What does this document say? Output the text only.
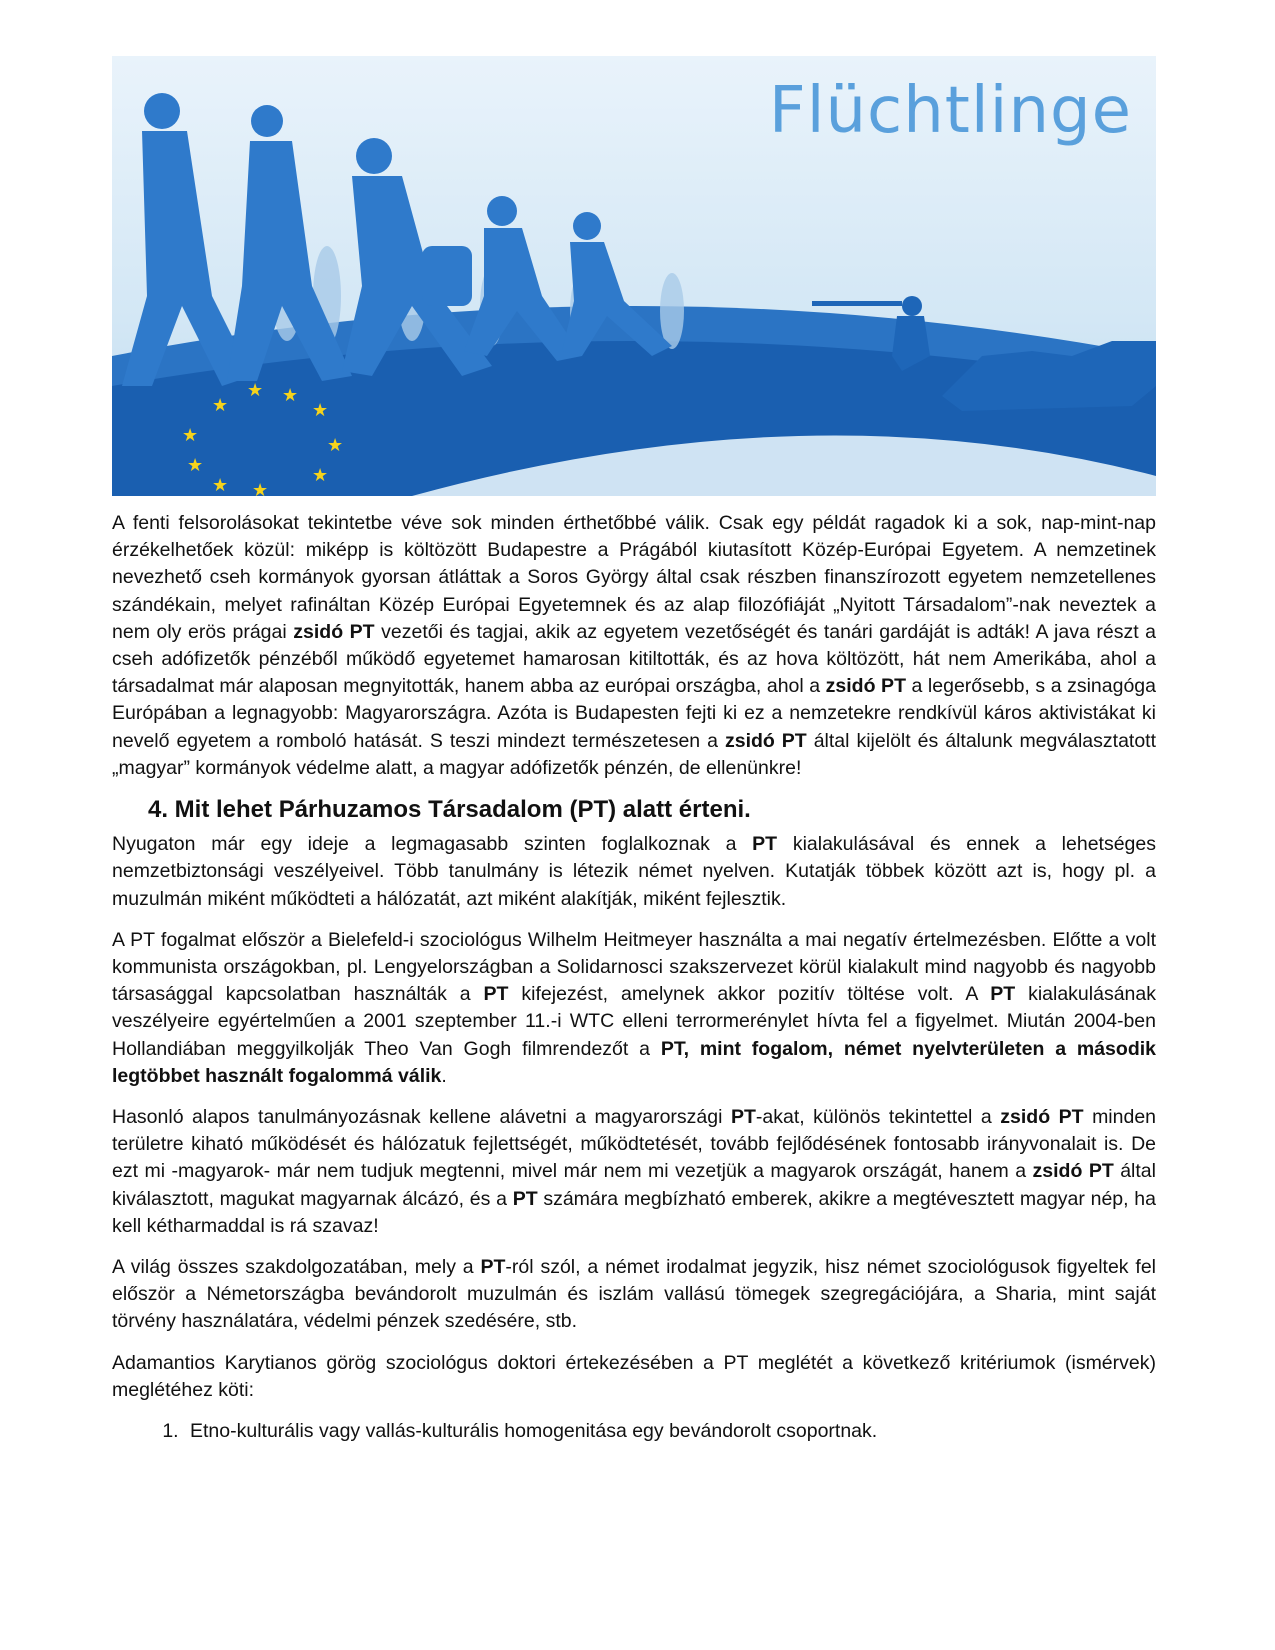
★
★ ★
★
★
★
★
★
★ ★
Flüchtlinge

A fenti felsorolásokat tekintetbe véve sok minden érthetőbbé válik. Csak egy példát ragadok ki a sok, nap-mint-nap érzékelhetőek közül: miképp is költözött Budapestre a Prágából kiutasított Közép-Európai Egyetem. A nemzetinek nevezhető cseh kormányok gyorsan átláttak a Soros György által csak részben finanszírozott egyetem nemzetellenes szándékain, melyet rafináltan Közép Európai Egyetemnek és az alap filozófiáját „Nyitott Társadalom”-nak neveztek a nem oly erös prágai zsidó PT vezetői és tagjai, akik az egyetem vezetőségét és tanári gardáját is adták! A java részt a cseh adófizetők pénzéből működő egyetemet hamarosan kitiltották, és az hova költözött, hát nem Amerikába, ahol a társadalmat már alaposan megnyitották, hanem abba az európai országba, ahol a zsidó PT a legerősebb, s a zsinagóga Európában a legnagyobb: Magyarországra. Azóta is Budapesten fejti ki ez a nemzetekre rendkívül káros aktivistákat ki nevelő egyetem a romboló hatását. S teszi mindezt természetesen a zsidó PT által kijelölt és általunk megválasztatott „magyar” kormányok védelme alatt, a magyar adófizetők pénzén, de ellenünkre!

4. Mit lehet Párhuzamos Társadalom (PT) alatt érteni.

Nyugaton már egy ideje a legmagasabb szinten foglalkoznak a PT kialakulásával és ennek a lehetséges nemzetbiztonsági veszélyeivel. Több tanulmány is létezik német nyelven. Kutatják többek között azt is, hogy pl. a muzulmán miként működteti a hálózatát, azt miként alakítják, miként fejlesztik.

A PT fogalmat először a Bielefeld-i szociológus Wilhelm Heitmeyer használta a mai negatív értelmezésben. Előtte a volt kommunista országokban, pl. Lengyelországban a Solidarnosci szakszervezet körül kialakult mind nagyobb és nagyobb társasággal kapcsolatban használták a PT kifejezést, amelynek akkor pozitív töltése volt. A PT kialakulásának veszélyeire egyértelműen a 2001 szeptember 11.-i WTC elleni terrormerénylet hívta fel a figyelmet. Miután 2004-ben Hollandiában meggyilkolják Theo Van Gogh filmrendezőt a PT, mint fogalom, német nyelvterületen a második legtöbbet használt fogalommá válik.

Hasonló alapos tanulmányozásnak kellene alávetni a magyarországi PT-akat, különös tekintettel a zsidó PT minden területre kiható működését és hálózatuk fejlettségét, működtetését, tovább fejlődésének fontosabb irányvonalait is. De ezt mi -magyarok- már nem tudjuk megtenni, mivel már nem mi vezetjük a magyarok országát, hanem a zsidó PT által kiválasztott, magukat magyarnak álcázó, és a PT számára megbízható emberek, akikre a megtévesztett magyar nép, ha kell kétharmaddal is rá szavaz!

A világ összes szakdolgozatában, mely a PT-ról szól, a német irodalmat jegyzik, hisz német szociológusok figyeltek fel először a Németországba bevándorolt muzulmán és iszlám vallású tömegek szegregációjára, a Sharia, mint saját törvény használatára, védelmi pénzek szedésére, stb.

Adamantios Karytianos görög szociológus doktori értekezésében a PT meglétét a következő kritériumok (ismérvek) meglétéhez köti:

1. Etno-kulturális vagy vallás-kulturális homogenitása egy bevándorolt csoportnak.
